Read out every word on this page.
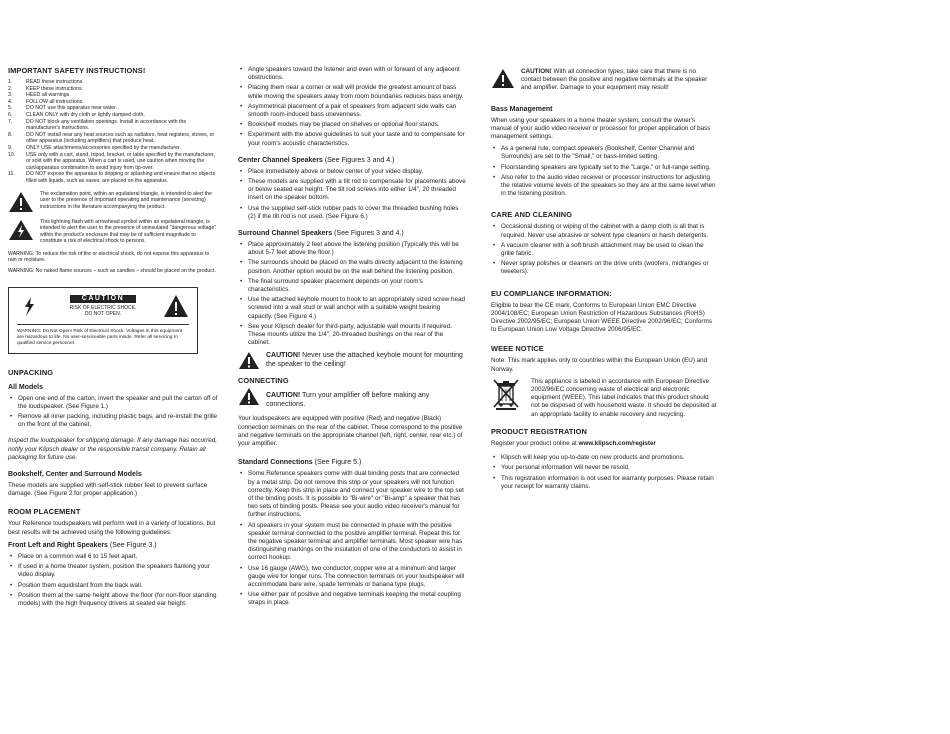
IMPORTANT SAFETY INSTRUCTIONS!
1.	READ these instructions.
2.	KEEP these instructions.
3.	HEED all warnings.
4.	FOLLOW all instructions.
5.	DO NOT use this apparatus near water.
6.	CLEAN ONLY with dry cloth or lightly damped cloth.
7.	DO NOT block any ventilation openings. Install in accordance with the manufacturer's instructions.
8.	DO NOT install near any heat sources such as radiators, heat registers, stoves, or other apparatus (including amplifiers) that produce heat.
9.	ONLY USE attachments/accessories specified by the manufacturer.
10. USE only with a cart, stand, tripod, bracket, or table specified by the manufacturer, or sold with the apparatus. When a cart is used, use caution when moving the cart/apparatus combination to avoid injury from tip-over.
11. DO NOT expose the apparatus to dripping or splashing and ensure that no objects filled with liquids, such as vases, are placed on the apparatus.
The exclamation point, within an equilateral triangle, is intended to alert the user to the presence of important operating and maintenance (servicing) instructions in the literature accompanying the product.
This lightning flash with arrowhead symbol within an equilateral triangle, is intended to alert the user to the presence of uninsulated "dangerous voltage" within the product's enclosure that may be of sufficient magnitude to constitute a risk of electrical shock to persons.

WARNING: To reduce the risk of fire or electrical shock, do not expose this apparatus to rain or moisture.

WARNING: No naked flame sources – such as candles – should be placed on the product.

CAUTION
RISK OF ELECTRIC SHOCK.
DO NOT OPEN.
WARNING: Do Not Open! Risk of Electrical Shock. Voltages in this equipment are hazardous to life. No user-serviceable parts inside. Refer all servicing to qualified service personnel.
UNPACKING
All Models
• Open one end of the carton, invert the speaker and pull the carton off of the loudspeaker. (See Figure 1.)
• Remove all inner packing, including plastic bags, and re-install the grille on the front of the cabinet.

Inspect the loudspeaker for shipping damage. If any damage has occurred, notify your Klipsch dealer or the responsible transit company. Retain all packaging for future use.

Bookshelf, Center and Surround Models

These models are supplied with self-stick rubber feet to prevent surface damage. (See Figure 2 for proper application.)

ROOM PLACEMENT

Your Reference loudspeakers will perform well in a variety of locations, but best results will be achieved using the following guidelines:

Front Left and Right Speakers (See Figure 3.)
• Place on a common wall 6 to 15 feet apart.
• If used in a home theater system, position the speakers flanking your video display.
• Position them equidistant from the back wall.
• Position them at the same height above the floor (for non-floor standing models) with the high frequency drivers at seated ear height.
• Angle speakers toward the listener and even with or forward of any adjacent obstructions.
• Placing them near a corner or wall will provide the greatest amount of bass while moving the speakers away from room boundaries reduces bass energy.
• Asymmetrical placement of a pair of speakers from adjacent side walls can smooth room-induced bass unevenness.
• Bookshelf models may be placed on shelves or optional floor stands.
• Experiment with the above guidelines to suit your taste and to compensate for your room's acoustic characteristics.
Center Channel Speakers (See Figures 3 and 4.)
• Place immediately above or below center of your video display.
• These models are supplied with a tilt rod to compensate for placements above or below seated ear height. The tilt rod screws into either 1/4", 20 threaded insert on the speaker bottom.
• Use the supplied self-stick rubber pads to cover the threaded bushing holes (2) if the tilt rod is not used. (See Figure 6.)
Surround Channel Speakers (See Figures 3 and 4.)
• Place approximately 2 feet above the listening position (Typically this will be about 5-7 feet above the floor.)
• The surrounds should be placed on the walls directly adjacent to the listening position. Another option would be on the wall behind the listening position.
• The final surround speaker placement depends on your room's characteristics.
• Use the attached keyhole mount to hook to an appropriately sized screw head screwed into a wall stud or wall anchor with a suitable weight bearing capacity. (See Figure 4.)
• See your Klipsch dealer for third-party, adjustable wall mounts if required. These mounts utilize the 1/4", 20-threaded bushings on the rear of the cabinet.
CAUTION! Never use the attached keyhole mount for mounting the speaker to the ceiling!
CONNECTING
CAUTION! Turn your amplifier off before making any connections.

Your loudspeakers are equipped with positive (Red) and negative (Black) connection terminals on the rear of the cabinet. These correspond to the positive and negative terminals on the appropriate channel (left, right, center, rear etc.) of your amplifier.

Standard Connections (See Figure 5.)
• Some Reference speakers come with dual binding posts that are connected by a metal strip. Do not remove this strip or your speakers will not function correctly. Keep this strip in place and connect your speaker wire to the top set of the binding posts. It is possible to "Bi-wire" or "Bi-amp" a speaker that has two sets of binding posts. Please see your audio video receiver's manual for further instructions.
• All speakers in your system must be connected in phase with the positive speaker terminal connected to the positive amplifier terminal. Repeat this for the negative speaker terminal and amplifier terminals. Most speaker wire has distinguishing markings on the insulation of one of the conductors to assist in correct hookup.
• Use 16 gauge (AWG), two conductor, copper wire at a minimum and larger gauge wire for longer runs. The connection terminals on your loudspeaker will accommodate bare wire, spade terminals or banana type plugs.
• Use either pair of positive and negative terminals keeping the metal coupling straps in place.
CAUTION! With all connection types, take care that there is no contact between the positive and negative terminals at the speaker and amplifier. Damage to your equipment may result!
Bass Management

When using your speakers in a home theater system, consult the owner's manual of your audio video receiver or processor for proper application of bass management settings.

• As a general rule, compact speakers (Bookshelf, Center Channel and Surrounds) are set to the "Small," or bass-limited setting.
• Floorstanding speakers are typically set to the "Large," or full-range setting.
• Also refer to the audio video receiver or processor instructions for adjusting the relative volume levels of the speakers so they are at the same level when in the listening position.
CARE AND CLEANING
• Occasional dusting or wiping of the cabinet with a damp cloth is all that is required. Never use abrasive or solvent type cleaners or harsh detergents.
• A vacuum cleaner with a soft brush attachment may be used to clean the grille fabric.
• Never spray polishes or cleaners on the drive units (woofers, midranges or tweeters).
EU COMPLIANCE INFORMATION:

Eligible to bear the CE mark, Conforms to European Union EMC Directive 2004/108/EC; European Union Restriction of Hazardous Substances (RoHS) Directive 2002/95/EC; European Union WEEE Directive 2002/96/EC; Conforms to European Union Low Voltage Directive 2006/95/EC.

WEEE NOTICE

Note: This mark applies only to countries within the European Union (EU) and Norway.

This appliance is labeled in accordance with European Directive 2002/96/EC concerning waste of electrical and electronic equipment (WEEE). This label indicates that this product should not be disposed of with household waste. It should be deposited at an appropriate facility to enable recovery and recycling.
PRODUCT REGISTRATION

Register your product online at www.klipsch.com/register

• Klipsch will keep you up-to-date on new products and promotions.
• Your personal information will never be resold.
• This registration information is not used for warranty purposes. Please retain your receipt for warranty claims.
